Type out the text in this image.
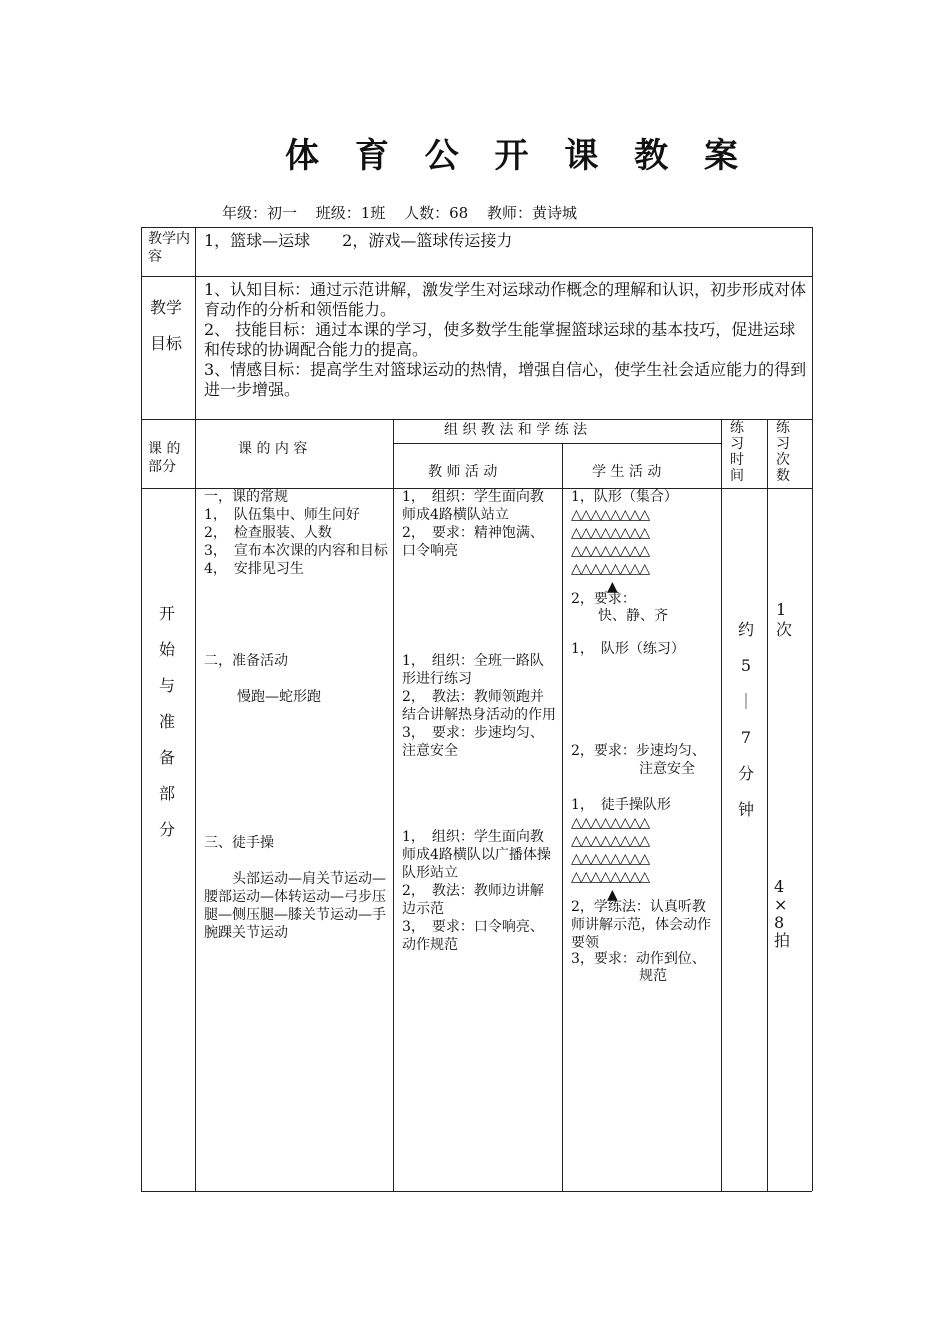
体 育 公 开 课 教 案
年级：初一 班级：1班 人数：68 教师：黄诗城
教学内容
1，篮球—运球　　2，游戏—篮球传运接力
教学
目标
1、认知目标：通过示范讲解，激发学生对运球动作概念的理解和认识，初步形成对体育动作的分析和领悟能力。
2、 技能目标：通过本课的学习，使多数学生能掌握篮球运球的基本技巧，促进运球和传球的协调配合能力的提高。
3、情感目标：提高学生对篮球运动的热情，增强自信心，使学生社会适应能力的得到进一步增强。
课 的 部分
课 的 内 容
组 织 教 法 和 学 练 法
教 师 活 动	学 生 活 动
练习时间
练习次数
开
始
与
准
备
部
分
一，课的常规
1，　队伍集中、师生问好
2，　检查服装、人数
3，　宣布本次课的内容和目标
4，　安排见习生
二，准备活动
慢跑—蛇形跑
三、徒手操
　　头部运动—肩关节运动—腰部运动—体转运动—弓步压腿—侧压腿—膝关节运动—手腕踝关节运动
1，　组织：学生面向教师成4路横队站立
2，　要求：精神饱满、口令响亮
1，　组织：全班一路队形进行练习
2，　教法：教师领跑并结合讲解热身活动的作用
3，　要求：步速均匀、注意安全
1，　组织：学生面向教师成4路横队以广播体操队形站立
2，　教法：教师边讲解边示范
3，　要求：口令响亮、动作规范
1，队形（集合）
△△△△△△△△
△△△△△△△△
△△△△△△△△
△△△△△△△△
▲
2，要求：
快、静、齐
1，　队形（练习）
2，要求：步速均匀、
注意安全
1，　徒手操队形
△△△△△△△△
△△△△△△△△
△△△△△△△△
△△△△△△△△
▲
2，学练法：认真听教师讲解示范，体会动作要领
3，要求：动作到位、
规范
约
5
｜
7
分
钟
1次
4
×
8
拍
